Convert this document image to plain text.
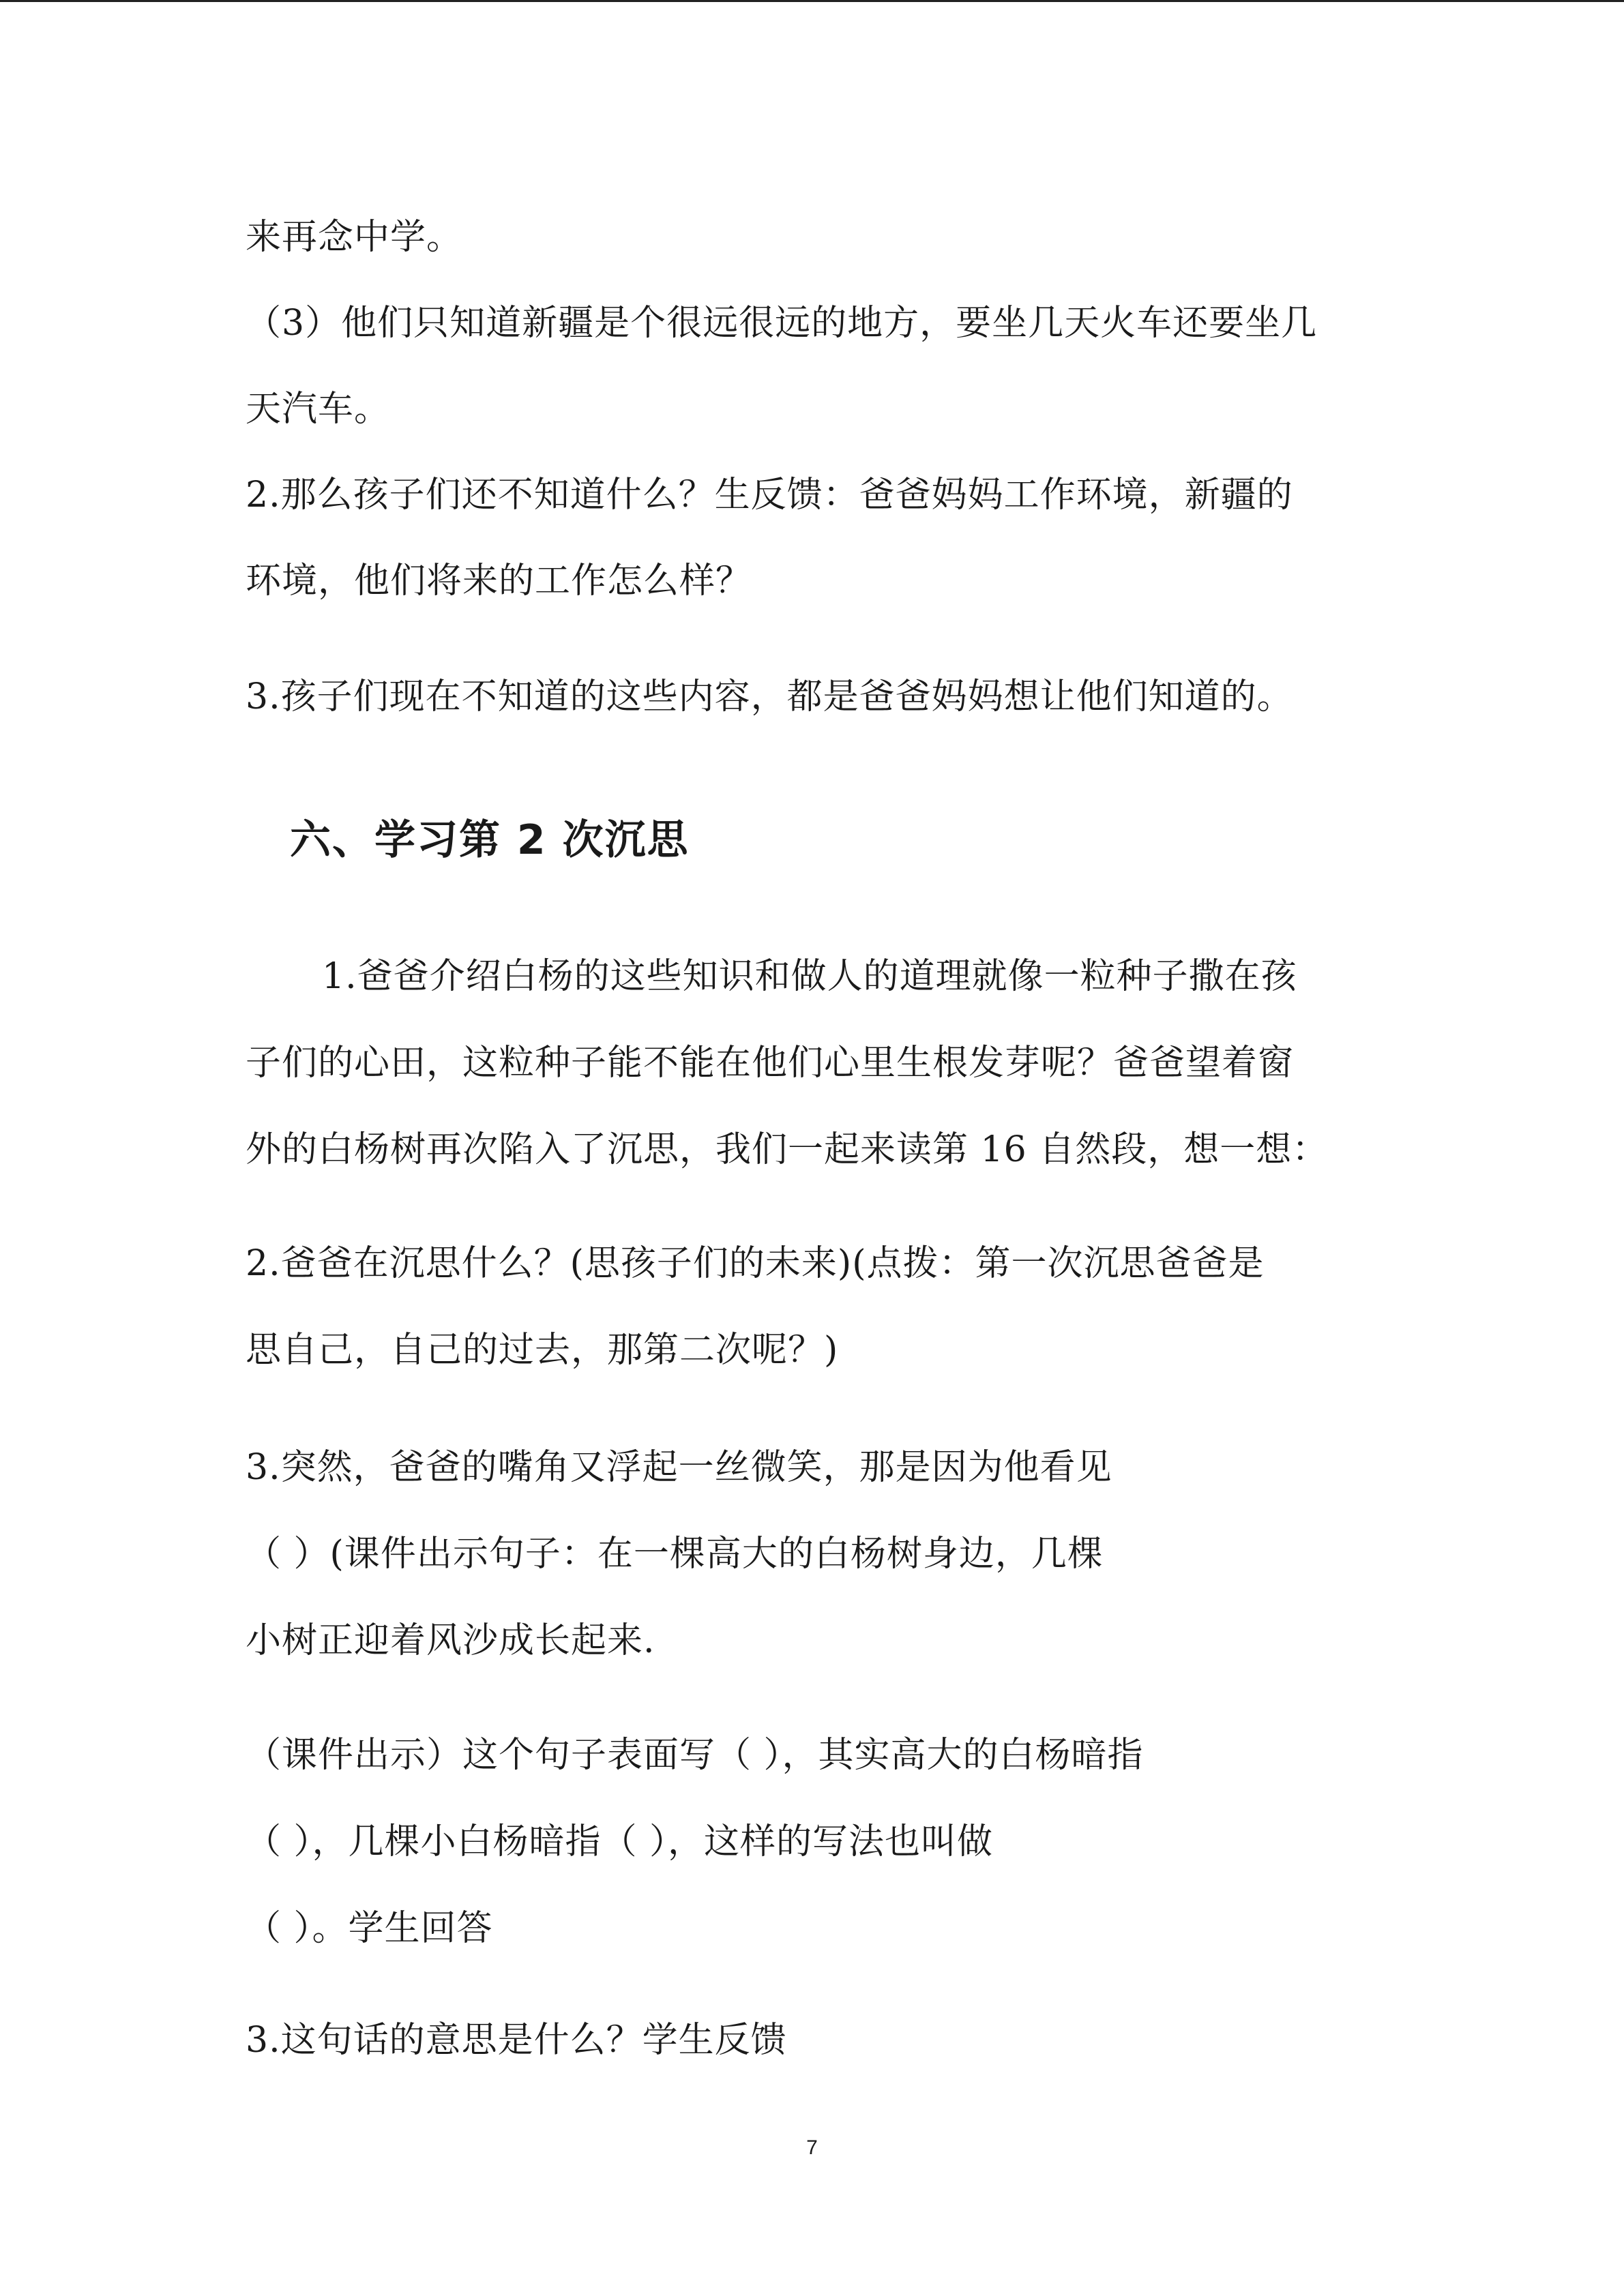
来再念中学。
（3）他们只知道新疆是个很远很远的地方，要坐几天火车还要坐几
天汽车。
2.那么孩子们还不知道什么？生反馈：爸爸妈妈工作环境，新疆的
环境，他们将来的工作怎么样？
3.孩子们现在不知道的这些内容，都是爸爸妈妈想让他们知道的。
六、学习第 2 次沉思
1.爸爸介绍白杨的这些知识和做人的道理就像一粒种子撒在孩
子们的心田，这粒种子能不能在他们心里生根发芽呢？爸爸望着窗
外的白杨树再次陷入了沉思，我们一起来读第 16 自然段，想一想：
2.爸爸在沉思什么？(思孩子们的未来)(点拨：第一次沉思爸爸是
思自己，自己的过去，那第二次呢？)
3.突然，爸爸的嘴角又浮起一丝微笑，那是因为他看见
（ ）(课件出示句子：在一棵高大的白杨树身边，几棵
小树正迎着风沙成长起来.
（课件出示）这个句子表面写（ ），其实高大的白杨暗指
（ ），几棵小白杨暗指（ ），这样的写法也叫做
（ ）。学生回答
3.这句话的意思是什么？学生反馈
7
